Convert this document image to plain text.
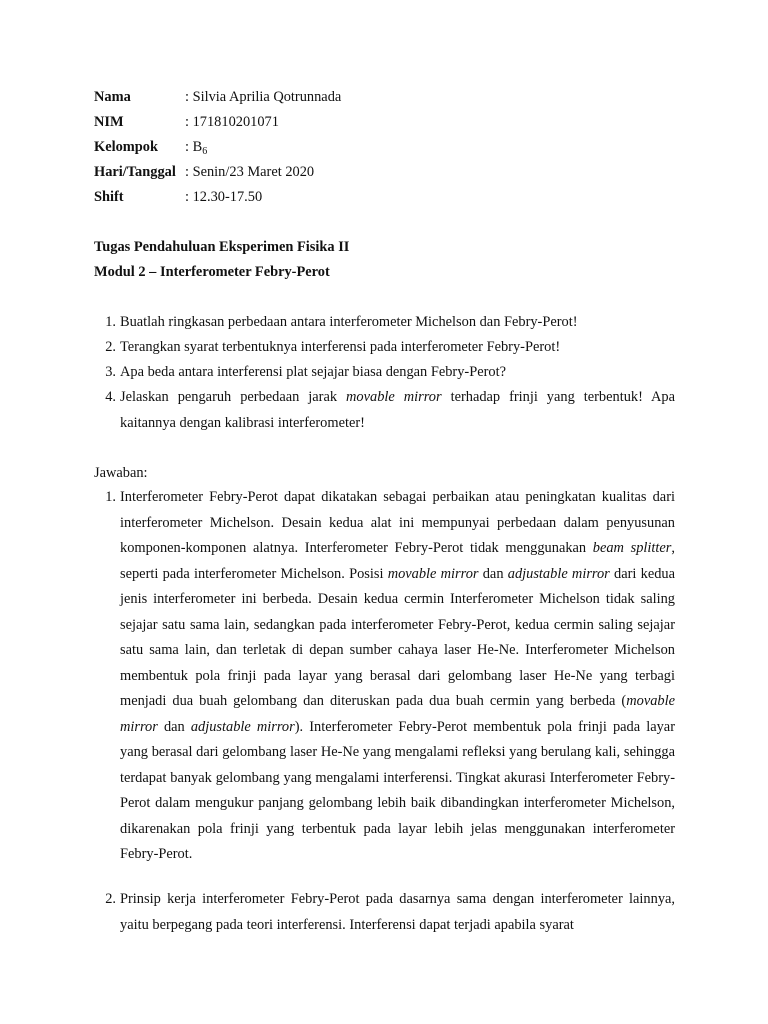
Nama	: Silvia Aprilia Qotrunnada
NIM	: 171810201071
Kelompok : $B_6$
Hari/Tanggal : Senin/23 Maret 2020
Shift	: 12.30-17.50
Tugas Pendahuluan Eksperimen Fisika II
Modul 2 – Interferometer Febry-Perot
1. Buatlah ringkasan perbedaan antara interferometer Michelson dan Febry-Perot!
2. Terangkan syarat terbentuknya interferensi pada interferometer Febry-Perot!
3. Apa beda antara interferensi plat sejajar biasa dengan Febry-Perot?
4. Jelaskan pengaruh perbedaan jarak movable mirror terhadap frinji yang terbentuk! Apa kaitannya dengan kalibrasi interferometer!
Jawaban:
1. Interferometer Febry-Perot dapat dikatakan sebagai perbaikan atau peningkatan kualitas dari interferometer Michelson. Desain kedua alat ini mempunyai perbedaan dalam penyusunan komponen-komponen alatnya. Interferometer Febry-Perot tidak menggunakan beam splitter, seperti pada interferometer Michelson. Posisi movable mirror dan adjustable mirror dari kedua jenis interferometer ini berbeda. Desain kedua cermin Interferometer Michelson tidak saling sejajar satu sama lain, sedangkan pada interferometer Febry-Perot, kedua cermin saling sejajar satu sama lain, dan terletak di depan sumber cahaya laser He-Ne. Interferometer Michelson membentuk pola frinji pada layar yang berasal dari gelombang laser He-Ne yang terbagi menjadi dua buah gelombang dan diteruskan pada dua buah cermin yang berbeda (movable mirror dan adjustable mirror). Interferometer Febry-Perot membentuk pola frinji pada layar yang berasal dari gelombang laser He-Ne yang mengalami refleksi yang berulang kali, sehingga terdapat banyak gelombang yang mengalami interferensi. Tingkat akurasi Interferometer Febry-Perot dalam mengukur panjang gelombang lebih baik dibandingkan interferometer Michelson, dikarenakan pola frinji yang terbentuk pada layar lebih jelas menggunakan interferometer Febry-Perot.
2. Prinsip kerja interferometer Febry-Perot pada dasarnya sama dengan interferometer lainnya, yaitu berpegang pada teori interferensi. Interferensi dapat terjadi apabila syarat
